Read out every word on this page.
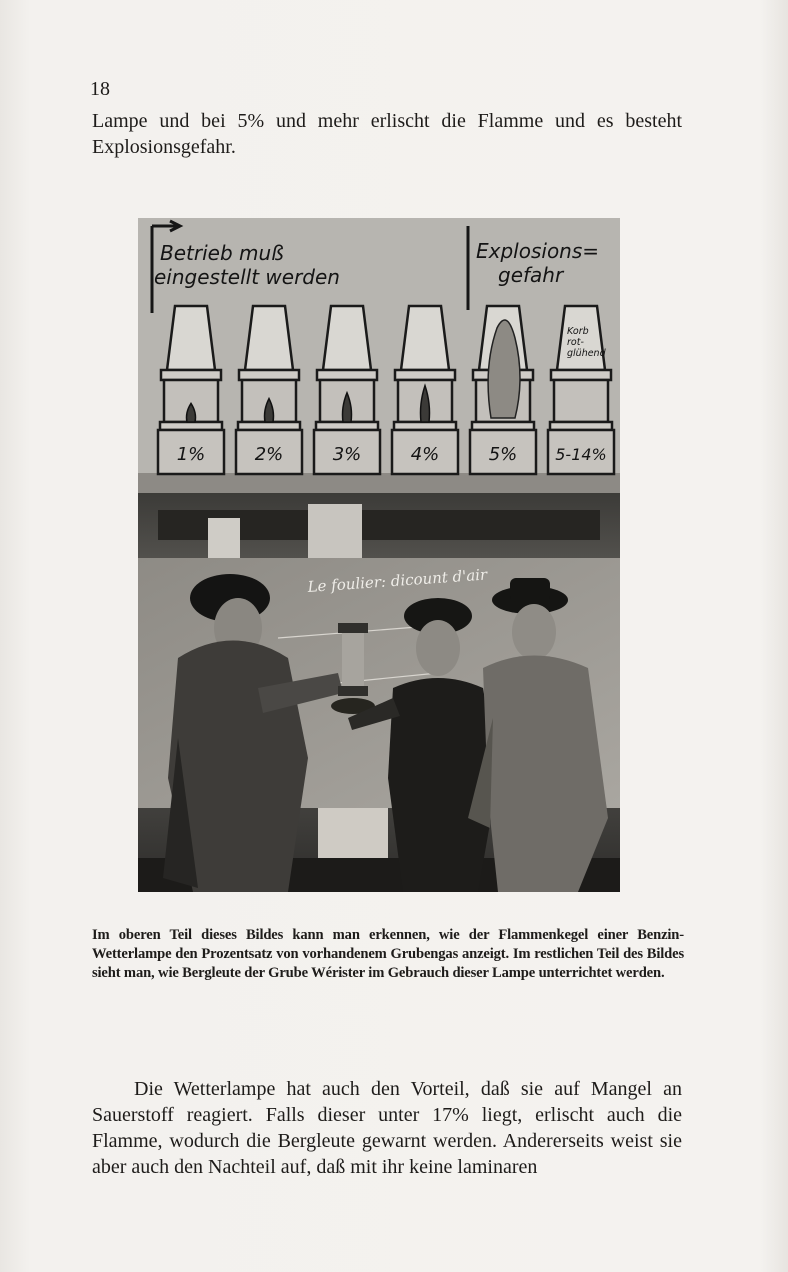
18

Lampe und bei 5% und mehr erlischt die Flamme und es besteht Explosionsgefahr.

Betrieb muß
eingestellt werden
Explosions=
gefahr
1%	2%	3%	4%	5%
Korb
rot-
glühend
5-14%
Le foulier: dicount d'air

Im oberen Teil dieses Bildes kann man erkennen, wie der Flammenkegel einer Benzin-Wetterlampe den Prozentsatz von vorhandenem Grubengas anzeigt. Im restlichen Teil des Bildes sieht man, wie Bergleute der Grube Wérister im Gebrauch dieser Lampe unterrichtet werden.

Die Wetterlampe hat auch den Vorteil, daß sie auf Mangel an Sauerstoff reagiert. Falls dieser unter 17% liegt, erlischt auch die Flamme, wodurch die Bergleute gewarnt werden. Andererseits weist sie aber auch den Nachteil auf, daß mit ihr keine laminaren
